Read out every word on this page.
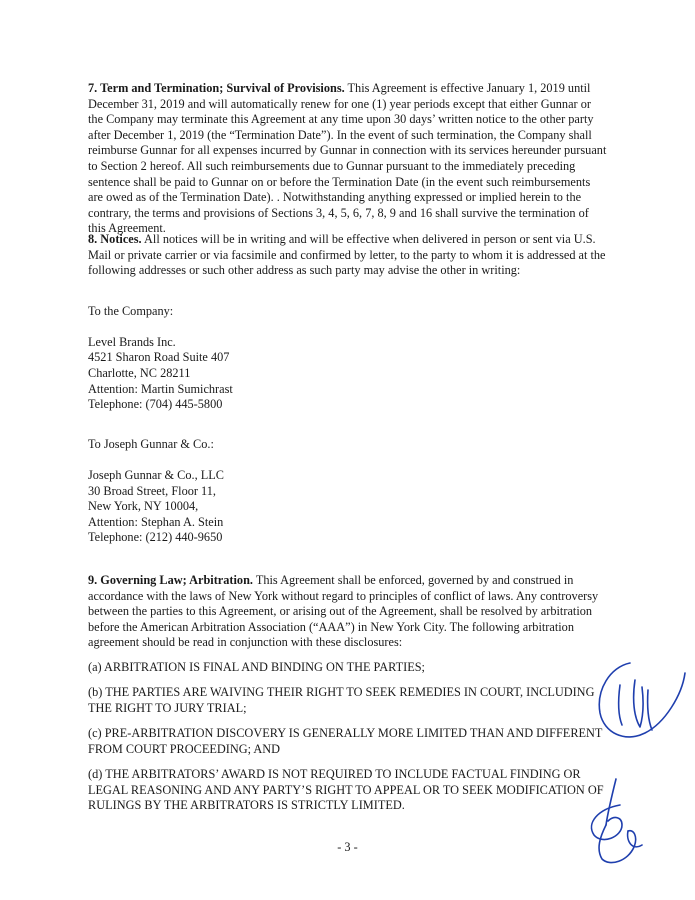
7. Term and Termination; Survival of Provisions. This Agreement is effective January 1, 2019 until December 31, 2019 and will automatically renew for one (1) year periods except that either Gunnar or the Company may terminate this Agreement at any time upon 30 days’ written notice to the other party after December 1, 2019 (the “Termination Date”). In the event of such termination, the Company shall reimburse Gunnar for all expenses incurred by Gunnar in connection with its services hereunder pursuant to Section 2 hereof. All such reimbursements due to Gunnar pursuant to the immediately preceding sentence shall be paid to Gunnar on or before the Termination Date (in the event such reimbursements are owed as of the Termination Date). . Notwithstanding anything expressed or implied herein to the contrary, the terms and provisions of Sections 3, 4, 5, 6, 7, 8, 9 and 16 shall survive the termination of this Agreement.

8. Notices. All notices will be in writing and will be effective when delivered in person or sent via U.S. Mail or private carrier or via facsimile and confirmed by letter, to the party to whom it is addressed at the following addresses or such other address as such party may advise the other in writing:

To the Company:
Level Brands Inc.
4521 Sharon Road Suite 407
Charlotte, NC 28211
Attention: Martin Sumichrast
Telephone: (704) 445-5800
To Joseph Gunnar & Co.:
Joseph Gunnar & Co., LLC
30 Broad Street, Floor 11,
New York, NY 10004,
Attention: Stephan A. Stein
Telephone: (212) 440-9650

9. Governing Law; Arbitration. This Agreement shall be enforced, governed by and construed in accordance with the laws of New York without regard to principles of conflict of laws. Any controversy between the parties to this Agreement, or arising out of the Agreement, shall be resolved by arbitration before the American Arbitration Association (“AAA”) in New York City. The following arbitration agreement should be read in conjunction with these disclosures:

(a) ARBITRATION IS FINAL AND BINDING ON THE PARTIES;

(b) THE PARTIES ARE WAIVING THEIR RIGHT TO SEEK REMEDIES IN COURT, INCLUDING THE RIGHT TO JURY TRIAL;

(c) PRE-ARBITRATION DISCOVERY IS GENERALLY MORE LIMITED THAN AND DIFFERENT FROM COURT PROCEEDING; AND

(d) THE ARBITRATORS’ AWARD IS NOT REQUIRED TO INCLUDE FACTUAL FINDING OR LEGAL REASONING AND ANY PARTY’S RIGHT TO APPEAL OR TO SEEK MODIFICATION OF RULINGS BY THE ARBITRATORS IS STRICTLY LIMITED.

- 3 -
